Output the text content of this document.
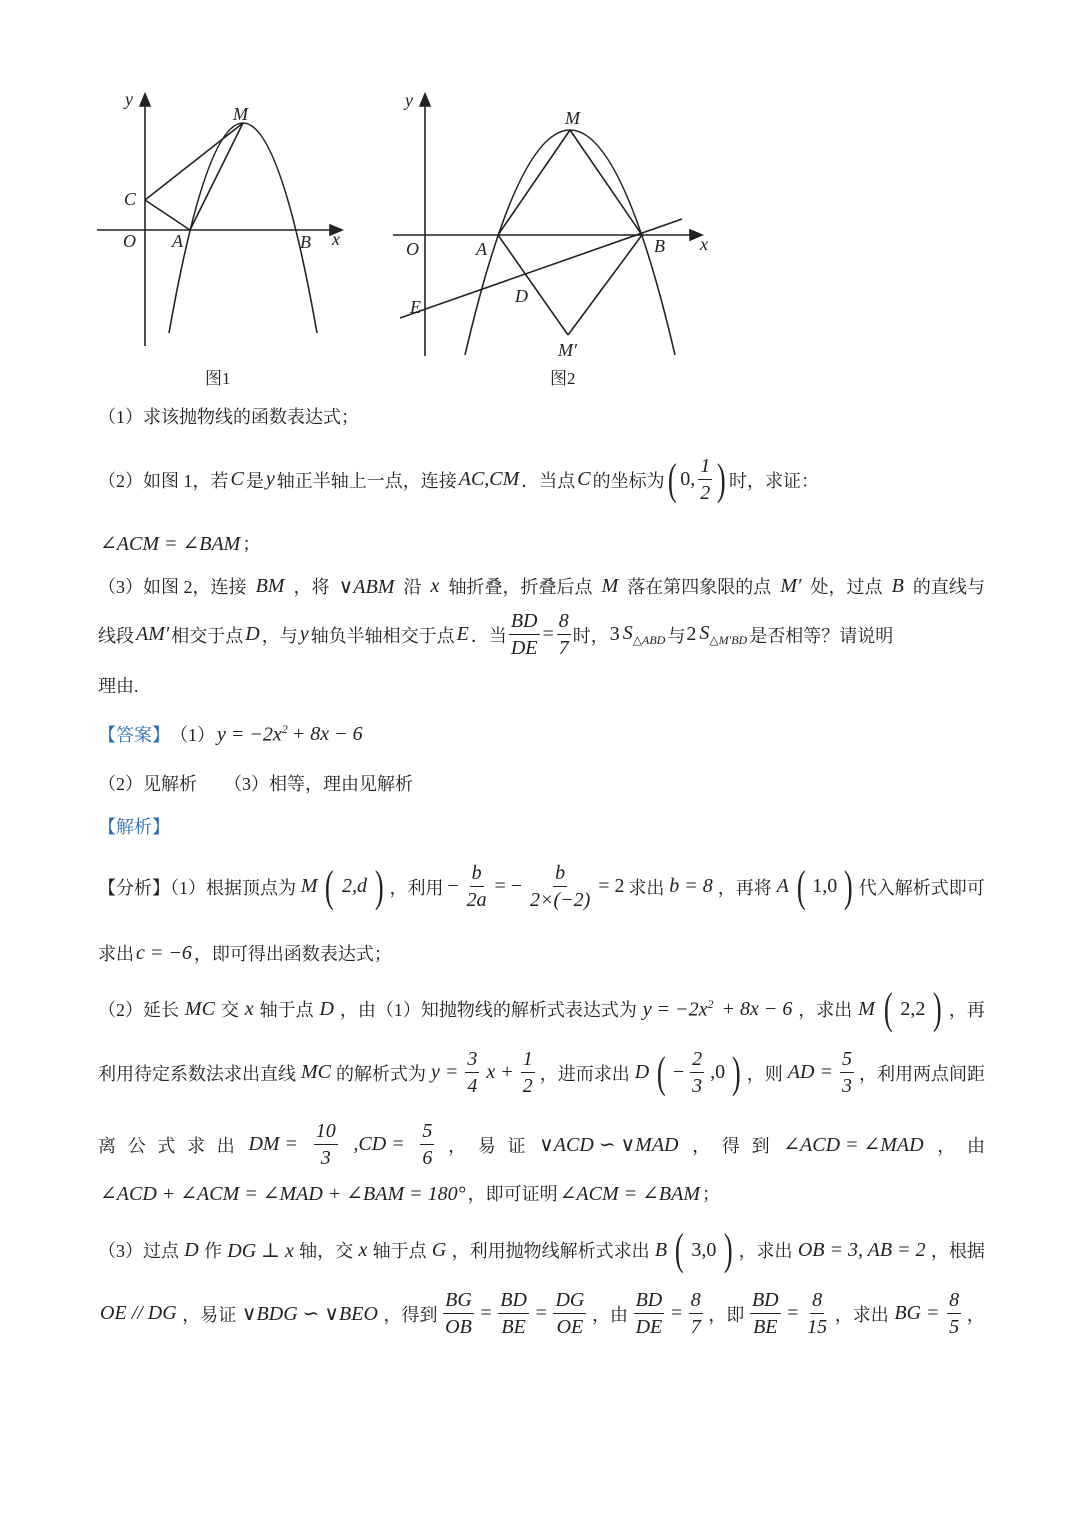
y
x
O A	B
C
M
图1
y
x
O	A	B
M
M′
D
E
图2
（1）求该抛物线的函数表达式；
（2）如图 1，若 C 是 y 轴正半轴上一点，连接 AC,CM ．当点 C 的坐标为 ( 0, $\frac{1}{2}$ ) 时，求证：
∠ACM = ∠BAM ；
（3）如图 2，连接 BM ，将 ∨ABM 沿 x 轴折叠，折叠后点 M 落在第四象限的点 M′ 处，过点 B 的直线与
线段 AM′ 相交于点 D ，与 y 轴负半轴相交于点 E ．当 $\frac{BD}{DE} = \frac{8}{7}$ 时， 3 $S_{\triangle ABD}$ 与 2 $S_{\triangle M'BD}$ 是否相等？请说明
理由.
【答案】 （1） $y = -2x^2 + 8x - 6$
（2）见解析　　（3）相等，理由见解析
【解析】
【分析】（1）根据顶点为 M ( 2,d ) ，利用 − $\frac{b}{2a}$ = − $\frac{b}{2\times(-2)} = 2$ 求出 b = 8 ，再将 A ( 1,0 ) 代入解析式即可
求出 c = −6 ，即可得出函数表达式；
（2）延长 MC 交 x 轴于点 D ，由（1）知抛物线的解析式表达式为 $y = -2x^2 + 8x - 6$ ，求出 M ( 2,2 ) ，再
利用待定系数法求出直线 MC 的解析式为 $y = \frac{3}{4}$ $x + \frac{1}{2}$ ，进而求出 D ( − $\frac{2}{3} ,0$ ) ，则 AD = $\frac{5}{3}$ ，利用两点间距
离 公 式 求 出 DM = $\frac{10}{3} ,CD = \frac{5}{6}$ ， 易 证 ∨ACD ∽ ∨MAD ， 得 到 ∠ACD = ∠MAD ， 由
∠ACD + ∠ACM = ∠MAD + ∠BAM = 180° ，即可证明 ∠ACM = ∠BAM ；
（3）过点 D 作 DG ⊥ x 轴，交 x 轴于点 G ，利用抛物线解析式求出 B ( 3,0 ) ，求出 OB = 3, AB = 2 ，根据
OE // DG ，易证 ∨BDG ∽ ∨BEO ，得到 $\frac{BG}{OB} = \frac{BD}{BE} = \frac{DG}{OE}$ ，由 $\frac{BD}{DE} = \frac{8}{7}$ ，即 $\frac{BD}{BE} = \frac{8}{15}$ ，求出 BG = $\frac{8}{5}$ ，
